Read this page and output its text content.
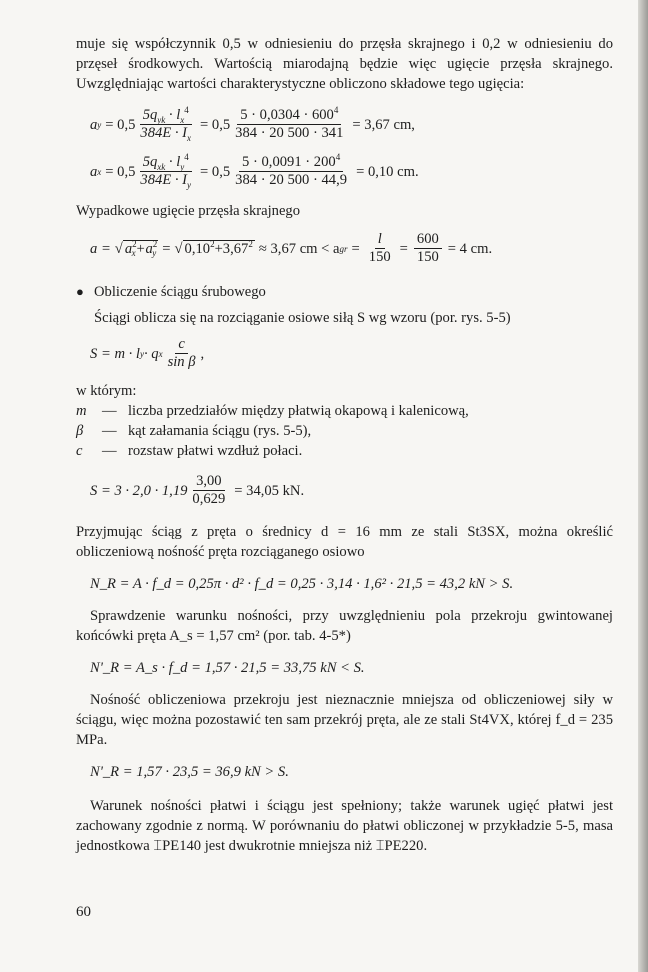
muje się współczynnik 0,5 w odniesieniu do przęsła skrajnego i 0,2 w odniesieniu do przęseł środkowych. Wartością miarodajną będzie więc ugięcie przęsła skrajnego. Uwzględniając wartości charakterystyczne obliczono składowe tego ugięcia:

a $y = 0,5 \frac{5q_{yk} \cdot l_x^4}{384E \cdot I_x} = 0,5 \frac{5 \cdot 0,0304 \cdot 600^4}{384 \cdot 20 500 \cdot 341} = 3,67$ cm,
a $x = 0,5 \frac{5q_{xk} \cdot l_y^4}{384E \cdot I_y} = 0,5 \frac{5 \cdot 0,0091 \cdot 200^4}{384 \cdot 20 500 \cdot 44,9} = 0,10$ cm.

Wypadkowe ugięcie przęsła skrajnego

a = √ $a^2_x+a^2_y$ = √ $0,10^2+3,67^2 \approx 3,67$ cm < a gr = $\frac{l}{150} = \frac{600}{150} = 4$ cm.
● Obliczenie ściągu śrubowego

Ściągi oblicza się na rozciąganie osiowe siłą S wg wzoru (por. rys. 5-5)

S = m · l y · q x $\frac{c}{\text{sin β}}$ ,

w którym:

m	— liczba przedziałów między płatwią okapową i kalenicową,
β	— kąt załamania ściągu (rys. 5-5),
c	— rozstaw płatwi wzdłuż połaci.
$S = 3 \cdot 2,0 \cdot 1,19 \frac{3,00}{0,629} = 34,05$ kN.

Przyjmując ściąg z pręta o średnicy d = 16 mm ze stali St3SX, można określić obliczeniową nośność pręta rozciąganego osiowo

N_R = A · f_d = 0,25π · d² · f_d = 0,25 · 3,14 · 1,6² · 21,5 = 43,2 kN > S.

Sprawdzenie warunku nośności, przy uwzględnieniu pola przekroju gwintowanej końcówki pręta A_s = 1,57 cm² (por. tab. 4-5*)

N'_R = A_s · f_d = 1,57 · 21,5 = 33,75 kN < S.

Nośność obliczeniowa przekroju jest nieznacznie mniejsza od obliczeniowej siły w ściągu, więc można pozostawić ten sam przekrój pręta, ale ze stali St4VX, której f_d = 235 MPa.

N'_R = 1,57 · 23,5 = 36,9 kN > S.

Warunek nośności płatwi i ściągu jest spełniony; także warunek ugięć płatwi jest zachowany zgodnie z normą. W porównaniu do płatwi obliczonej w przykładzie 5-5, masa jednostkowa ⌶PE140 jest dwukrotnie mniejsza niż ⌶PE220.

60
